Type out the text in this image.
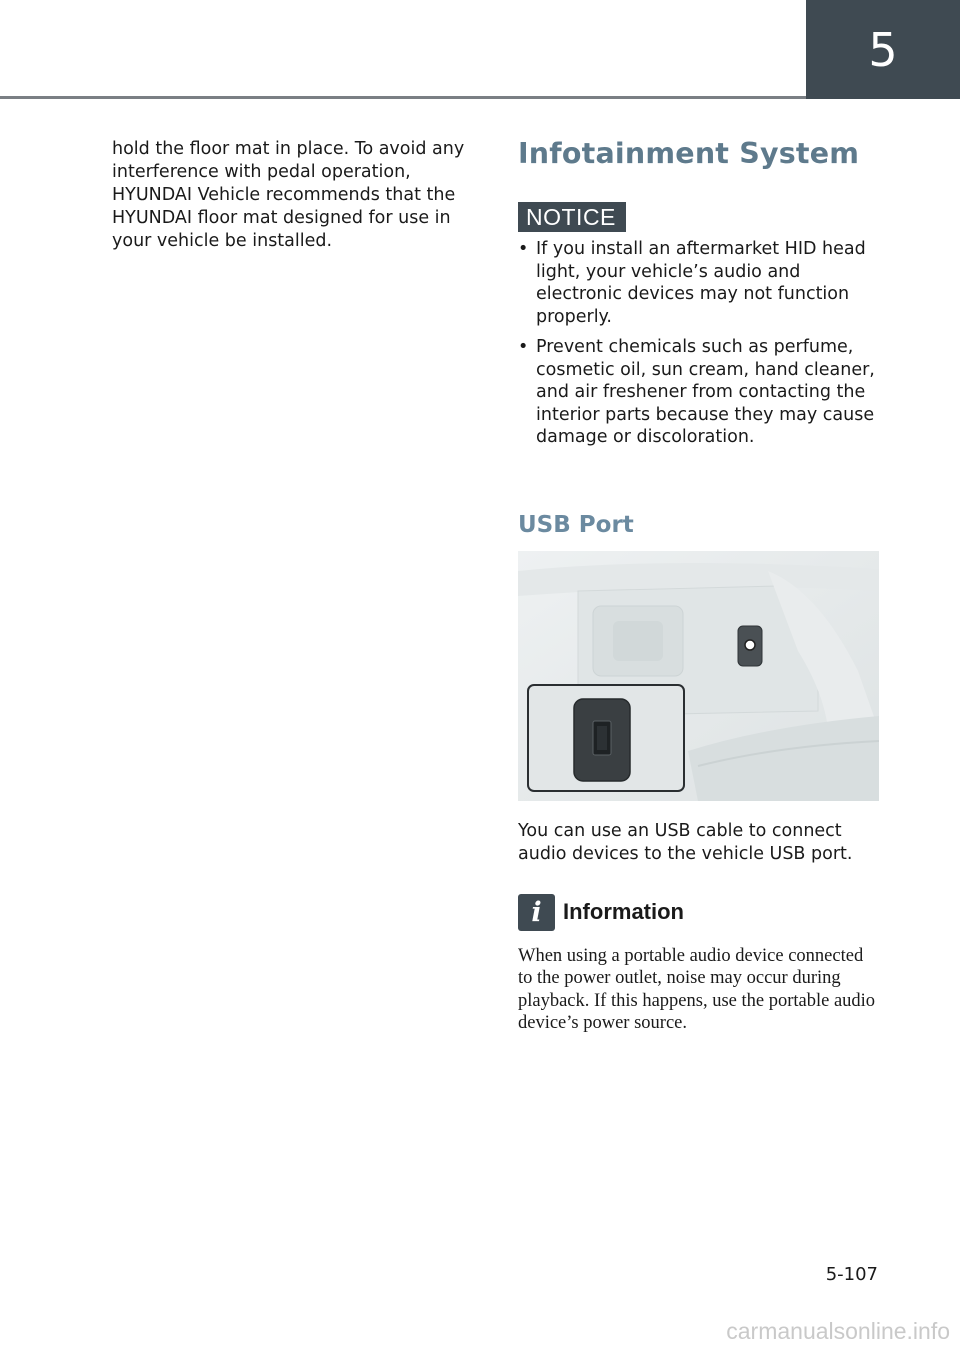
5

hold the floor mat in place. To avoid any interference with pedal operation, HYUNDAI Vehicle recommends that the HYUNDAI floor mat designed for use in your vehicle be installed.

Infotainment System
NOTICE
• If you install an aftermarket HID head light, your vehicle’s audio and electronic devices may not function properly.
• Prevent chemicals such as perfume, cosmetic oil, sun cream, hand cleaner, and air freshener from contacting the interior parts because they may cause damage or discoloration.
USB Port

You can use an USB cable to connect audio devices to the vehicle USB port.

i Information

When using a portable audio device connected to the power outlet, noise may occur during playback. If this happens, use the portable audio device’s power source.

5-107
carmanualsonline.info
